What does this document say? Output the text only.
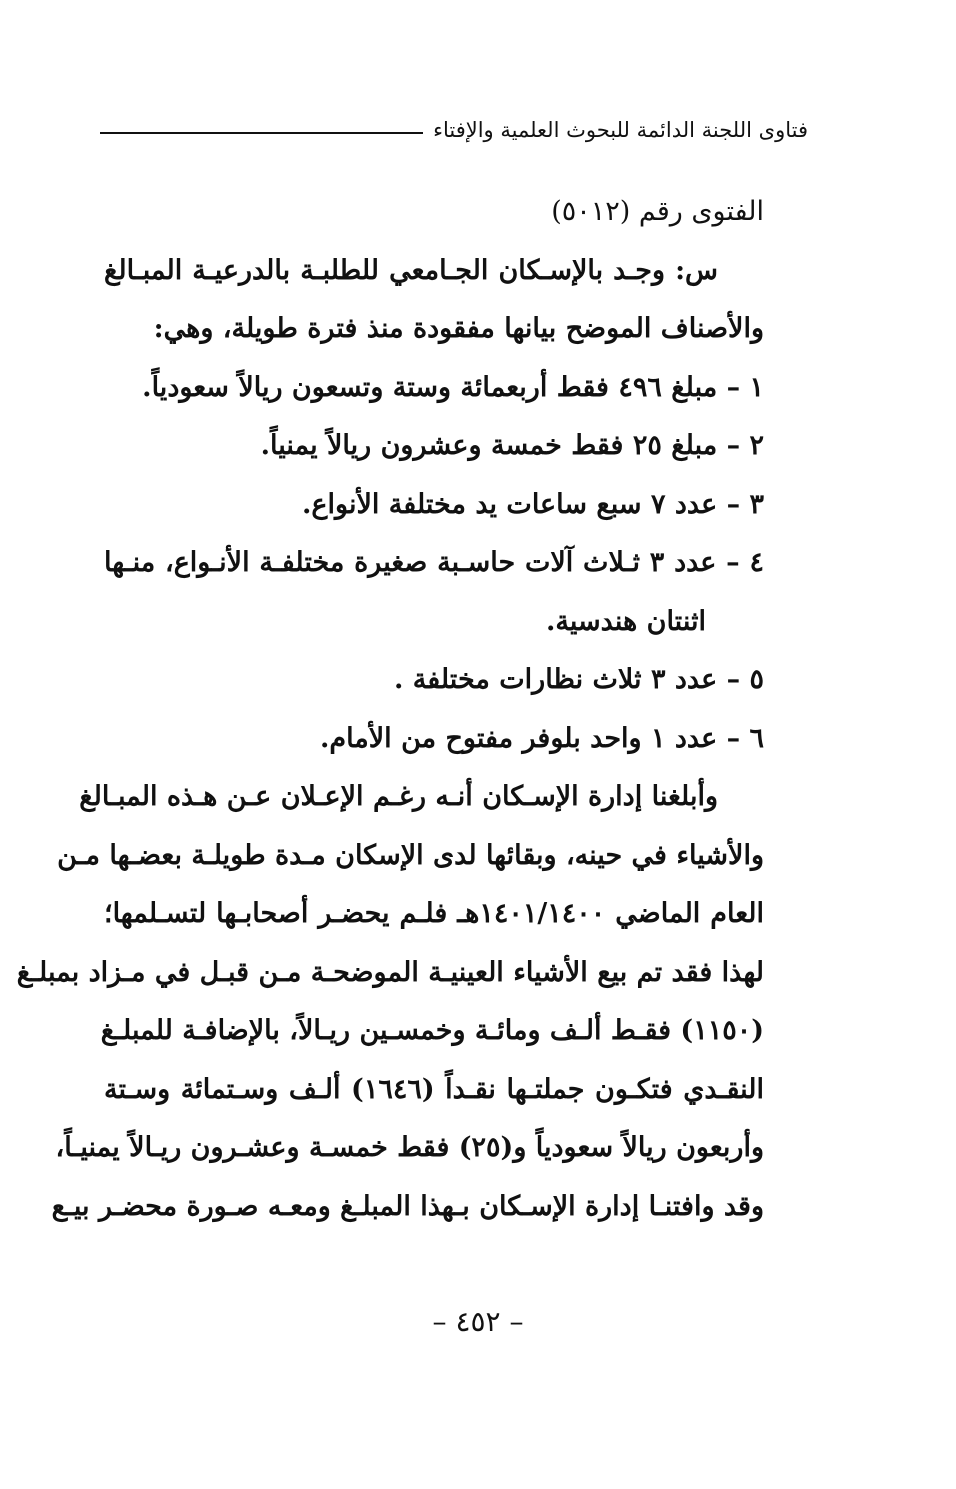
فتاوى اللجنة الدائمة للبحوث العلمية والإفتاء
الفتوى رقم (٥٠١٢)
س: وجـد بالإسـكان الجـامعي للطلبـة بالدرعيـة المبـالغ
والأصناف الموضح بيانها مفقودة منذ فترة طويلة، وهي:
١ – مبلغ ٤٩٦ فقط أربعمائة وستة وتسعون ريالاً سعودياً.
٢ – مبلغ ٢٥ فقط خمسة وعشرون ريالاً يمنياً.
٣ – عدد ٧ سبع ساعات يد مختلفة الأنواع.
٤ – عدد ٣ ثـلاث آلات حاسـبة صغيرة مختلفـة الأنـواع، منـها
اثنتان هندسية.
٥ – عدد ٣ ثلاث نظارات مختلفة .
٦ – عدد ١ واحد بلوفر مفتوح من الأمام.
وأبلغنا إدارة الإسـكان أنـه رغـم الإعـلان عـن هـذه المبـالغ
والأشياء في حينه، وبقائها لدى الإسكان مـدة طويلـة بعضـها مـن
العام الماضي ١٤٠١/١٤٠٠هـ فلـم يحضـر أصحابـها لتسـلمها؛
لهذا فقد تم بيع الأشياء العينيـة الموضحـة مـن قبـل في مـزاد بمبلـغ
(١١٥٠) فقـط ألـف ومائـة وخمسـين ريـالاً، بالإضافـة للمبلـغ
النقـدي فتكـون جملتـها نقـداً (١٦٤٦) ألـف وسـتمائة وسـتة
وأربعون ريالاً سعودياً و(٢٥) فقط خمسـة وعشـرون ريـالاً يمنيـاً،
وقد وافتنـا إدارة الإسـكان بـهذا المبلـغ ومعـه صـورة محضـر بيـع
– ٤٥٢ –
